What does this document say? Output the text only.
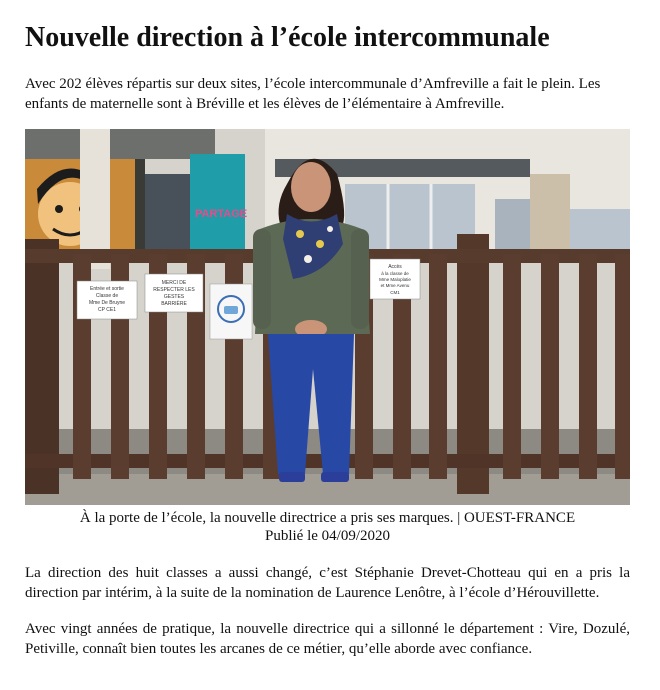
Nouvelle direction à l’école intercommunale

Avec 202 élèves répartis sur deux sites, l’école intercommunale d’Amfreville a fait le plein. Les enfants de maternelle sont à Bréville et les élèves de l’élémentaire à Amfreville.

PARTAGE
Entrée et sortie
Classe de
Mme De Bruyne
CP CE1
MERCI DE
RESPECTER LES
GESTES
BARRIÈRE
Accès
à la classe de
Mme Maloplatie
et Mme Avenu
CM1
À la porte de l’école, la nouvelle directrice a pris ses marques. | OUEST-FRANCE
Publié le 04/09/2020

La direction des huit classes a aussi changé, c’est Stéphanie Drevet-Chotteau qui en a pris la direction par intérim, à la suite de la nomination de Laurence Lenôtre, à l’école d’Hérouvillette.

Avec vingt années de pratique, la nouvelle directrice qui a sillonné le département : Vire, Dozulé, Petiville, connaît bien toutes les arcanes de ce métier, qu’elle aborde avec confiance.
